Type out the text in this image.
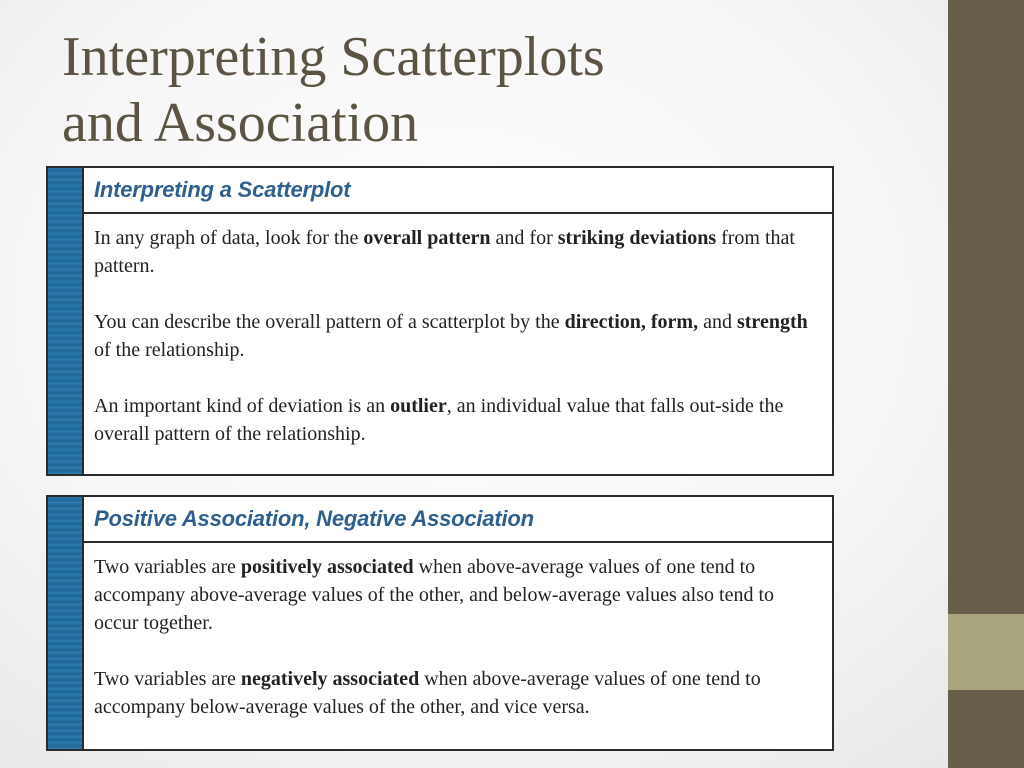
Interpreting Scatterplots
and Association
Interpreting a Scatterplot

In any graph of data, look for the overall pattern and for striking deviations from that pattern.

You can describe the overall pattern of a scatterplot by the direction, form, and strength of the relationship.

An important kind of deviation is an outlier, an individual value that falls out-side the overall pattern of the relationship.

Positive Association, Negative Association

Two variables are positively associated when above-average values of one tend to accompany above-average values of the other, and below-average values also tend to occur together.

Two variables are negatively associated when above-average values of one tend to accompany below-average values of the other, and vice versa.
